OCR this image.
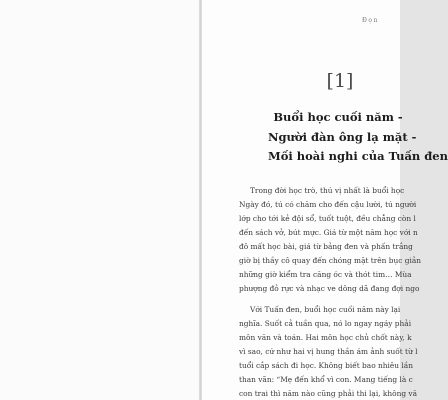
Đọn
[1]
Buổi học cuối năm -
Người đàn ông lạ mặt -
Mối hoài nghi của Tuấn đen
Trong đời học trò, thú vị nhất là buổi học
Ngày đó, tú có chăm cho đến cậu lười, tú người
lớp cho tới kẻ đội sổ, tuốt tuột, đều chẳng còn l
đến sách vở, bút mực. Giá từ một năm học với n
đô mất học bài, giá từ bảng đen và phấn trắng
giờ bị thầy cô quay đến chóng mặt trên bục giản
những giờ kiểm tra căng óc và thót tim… Mùa
phượng đỏ rực và nhạc ve dông dã đang đợi ngo
Với Tuấn đen, buổi học cuối năm này lại
nghĩa. Suốt cả tuần qua, nó lo ngay ngáy phải
môn văn và toán. Hai môn học chủ chốt này, k
vì sao, cứ như hai vị hung thần ám ảnh suốt từ l
tuổi cắp sách đi học. Không biết bao nhiêu lần
than vãn: “Mẹ đến khổ vì con. Mang tiếng là c
con trai thì năm nào cũng phải thi lại, không vă
